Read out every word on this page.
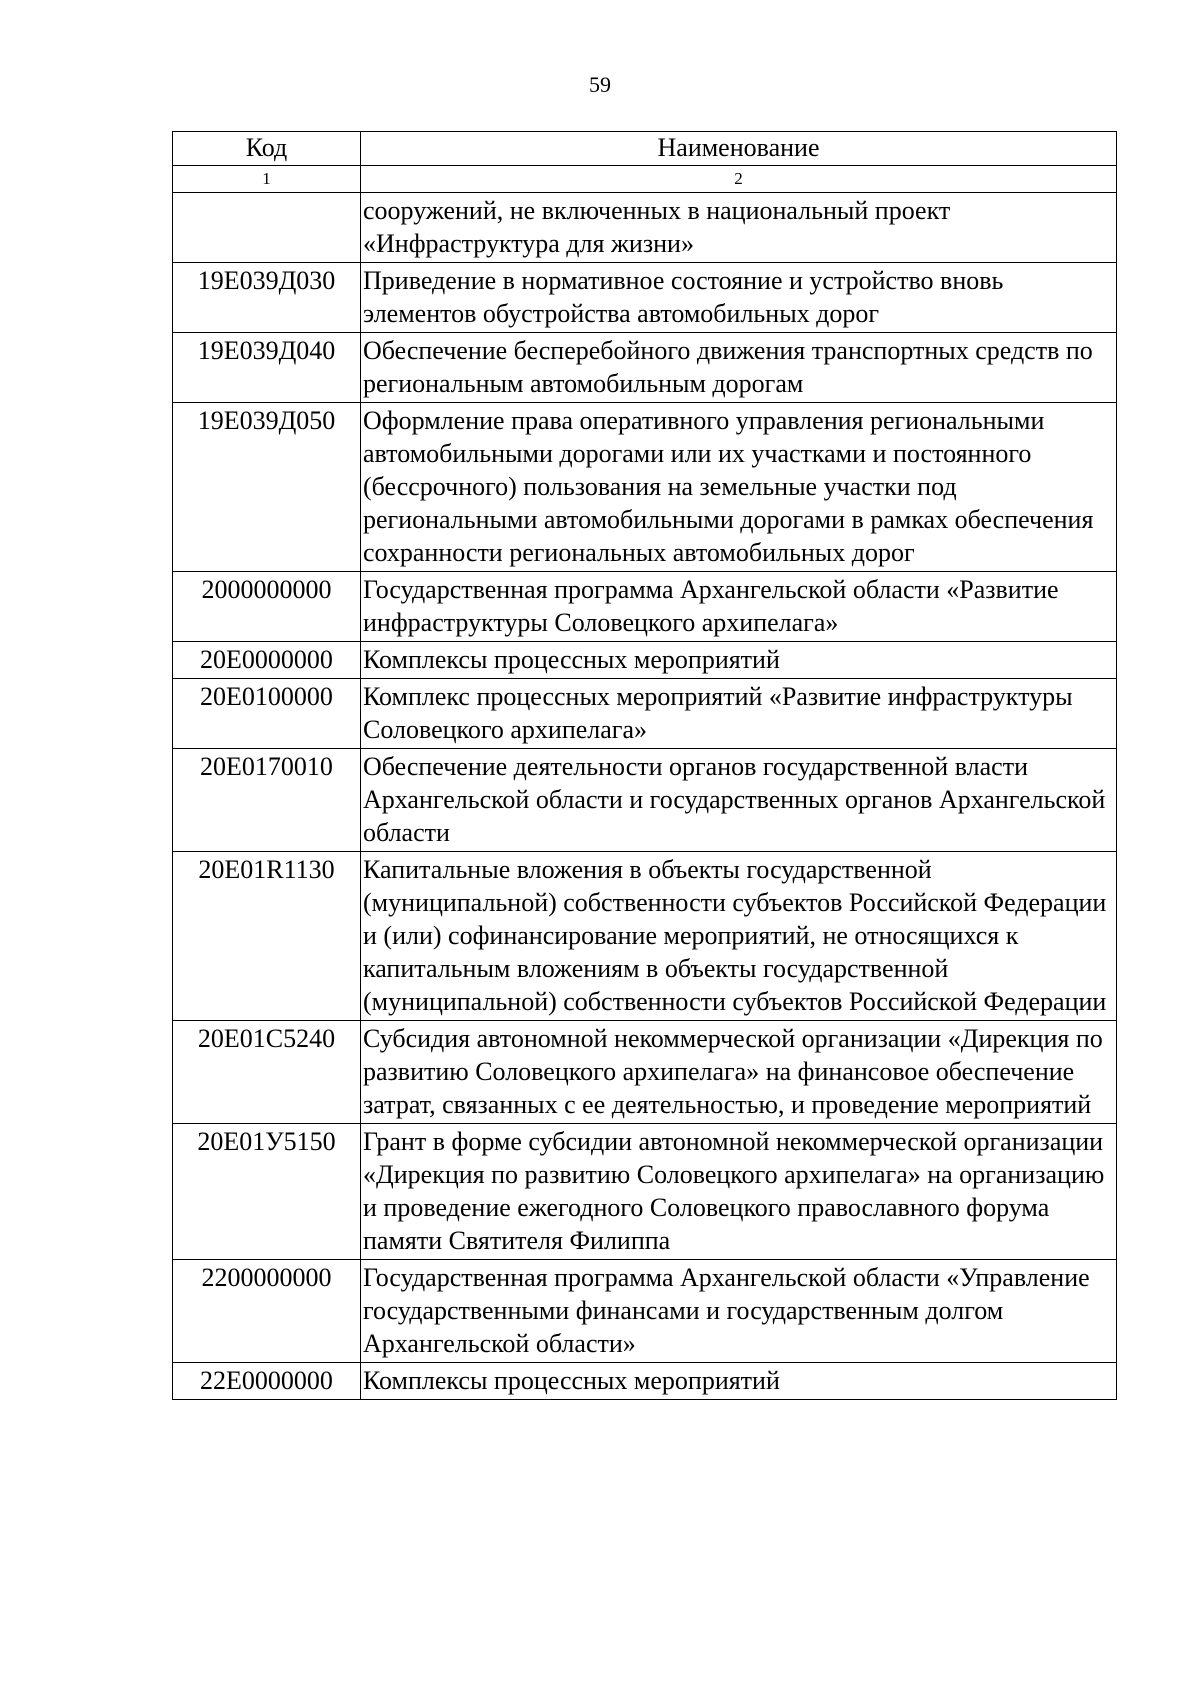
59
Код	Наименование
1	2
	сооружений, не включенных в национальный проект «Инфраструктура для жизни»
19Е039Д030	Приведение в нормативное состояние и устройство вновь элементов обустройства автомобильных дорог
19Е039Д040	Обеспечение бесперебойного движения транспортных средств по региональным автомобильным дорогам
19Е039Д050	Оформление права оперативного управления региональными автомобильными дорогами или их участками и постоянного (бессрочного) пользования на земельные участки под региональными автомобильными дорогами в рамках обеспечения сохранности региональных автомобильных дорог
2000000000	Государственная программа Архангельской области «Развитие инфраструктуры Соловецкого архипелага»
20Е0000000	Комплексы процессных мероприятий
20Е0100000	Комплекс процессных мероприятий «Развитие инфраструктуры Соловецкого архипелага»
20Е0170010	Обеспечение деятельности органов государственной власти Архангельской области и государственных органов Архангельской области
20Е01R1130	Капитальные вложения в объекты государственной (муниципальной) собственности субъектов Российской Федерации и (или) софинансирование мероприятий, не относящихся к капитальным вложениям в объекты государственной (муниципальной) собственности субъектов Российской Федерации
20Е01С5240	Субсидия автономной некоммерческой организации «Дирекция по развитию Соловецкого архипелага» на финансовое обеспечение затрат, связанных с ее деятельностью, и проведение мероприятий
20Е01У5150	Грант в форме субсидии автономной некоммерческой организации «Дирекция по развитию Соловецкого архипелага» на организацию и проведение ежегодного Соловецкого православного форума памяти Святителя Филиппа
2200000000	Государственная программа Архангельской области «Управление государственными финансами и государственным долгом Архангельской области»
22Е0000000	Комплексы процессных мероприятий
